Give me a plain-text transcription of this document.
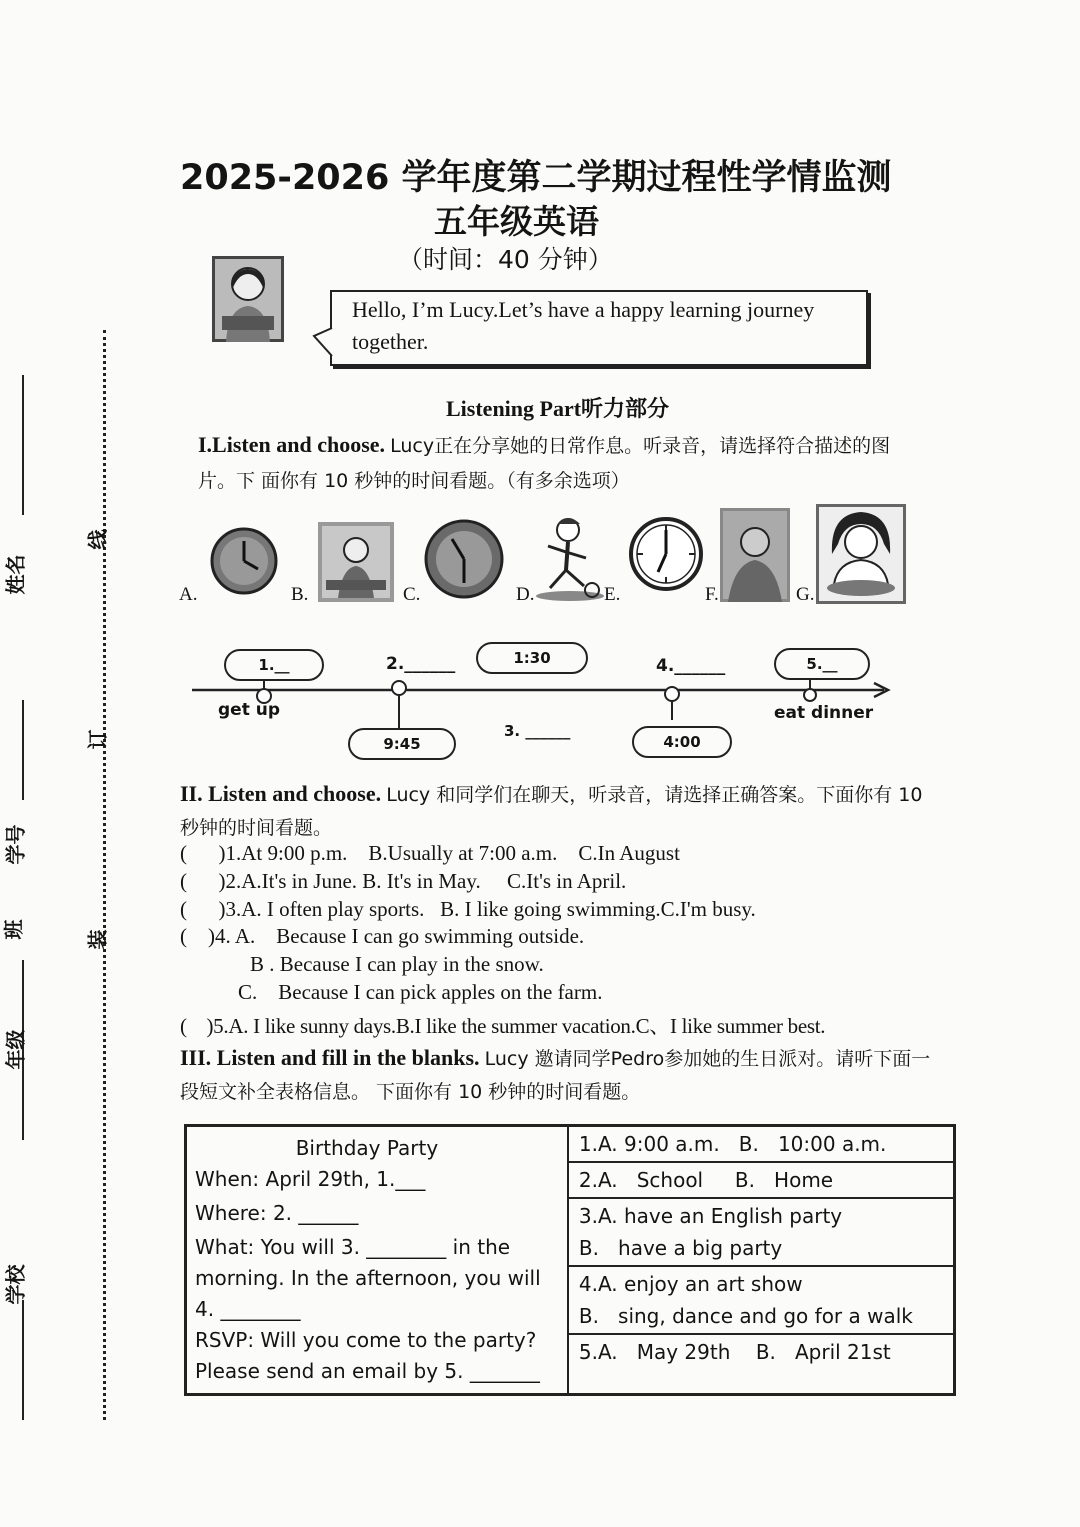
姓名
学号
班
年级
学校
线
订
装
2025-2026 学年度第二学期过程性学情监测
五年级英语
（时间：40 分钟）
Hello, I’m Lucy.Let’s have a happy learning journey together.
Listening Part听力部分
I.Listen and choose. Lucy正在分享她的日常作息。听录音，请选择符合描述的图片。下 面你有 10 秒钟的时间看题。（有多余选项）
A.	B.	C.	D.	E.	F.	G.
1.__	2.______	1:30	4.______	5.__
9:45
3. ______
4:00
get up	eat dinner
II. Listen and choose. Lucy 和同学们在聊天，听录音，请选择正确答案。下面你有 10 秒钟的时间看题。
(      )1.At 9:00 p.m.    B.Usually at 7:00 a.m.    C.In August
(      )2.A.It's in June. B. It's in May.     C.It's in April.
(      )3.A. I often play sports.   B. I like going swimming.C.I'm busy.
(    )4. A.    Because I can go swimming outside.
B . Because I can play in the snow.
C.    Because I can pick apples on the farm.
(    )5.A. I like sunny days.B.I like the summer vacation.C、I like summer best.
III. Listen and fill in the blanks. Lucy 邀请同学Pedro参加她的生日派对。请听下面一段短文补全表格信息。 下面你有 10 秒钟的时间看题。
Birthday Party
When: April 29th, 1.___
Where: 2. ______
What: You will 3. ________ in the morning. In the afternoon, you will 4. ________
RSVP: Will you come to the party? Please send an email by 5. _______

1.A. 9:00 a.m.   B.   10:00 a.m.
2.A.   School     B.   Home
3.A. have an English party
B.   have a big party
4.A. enjoy an art show
B.   sing, dance and go for a walk
5.A.   May 29th    B.   April 21st
